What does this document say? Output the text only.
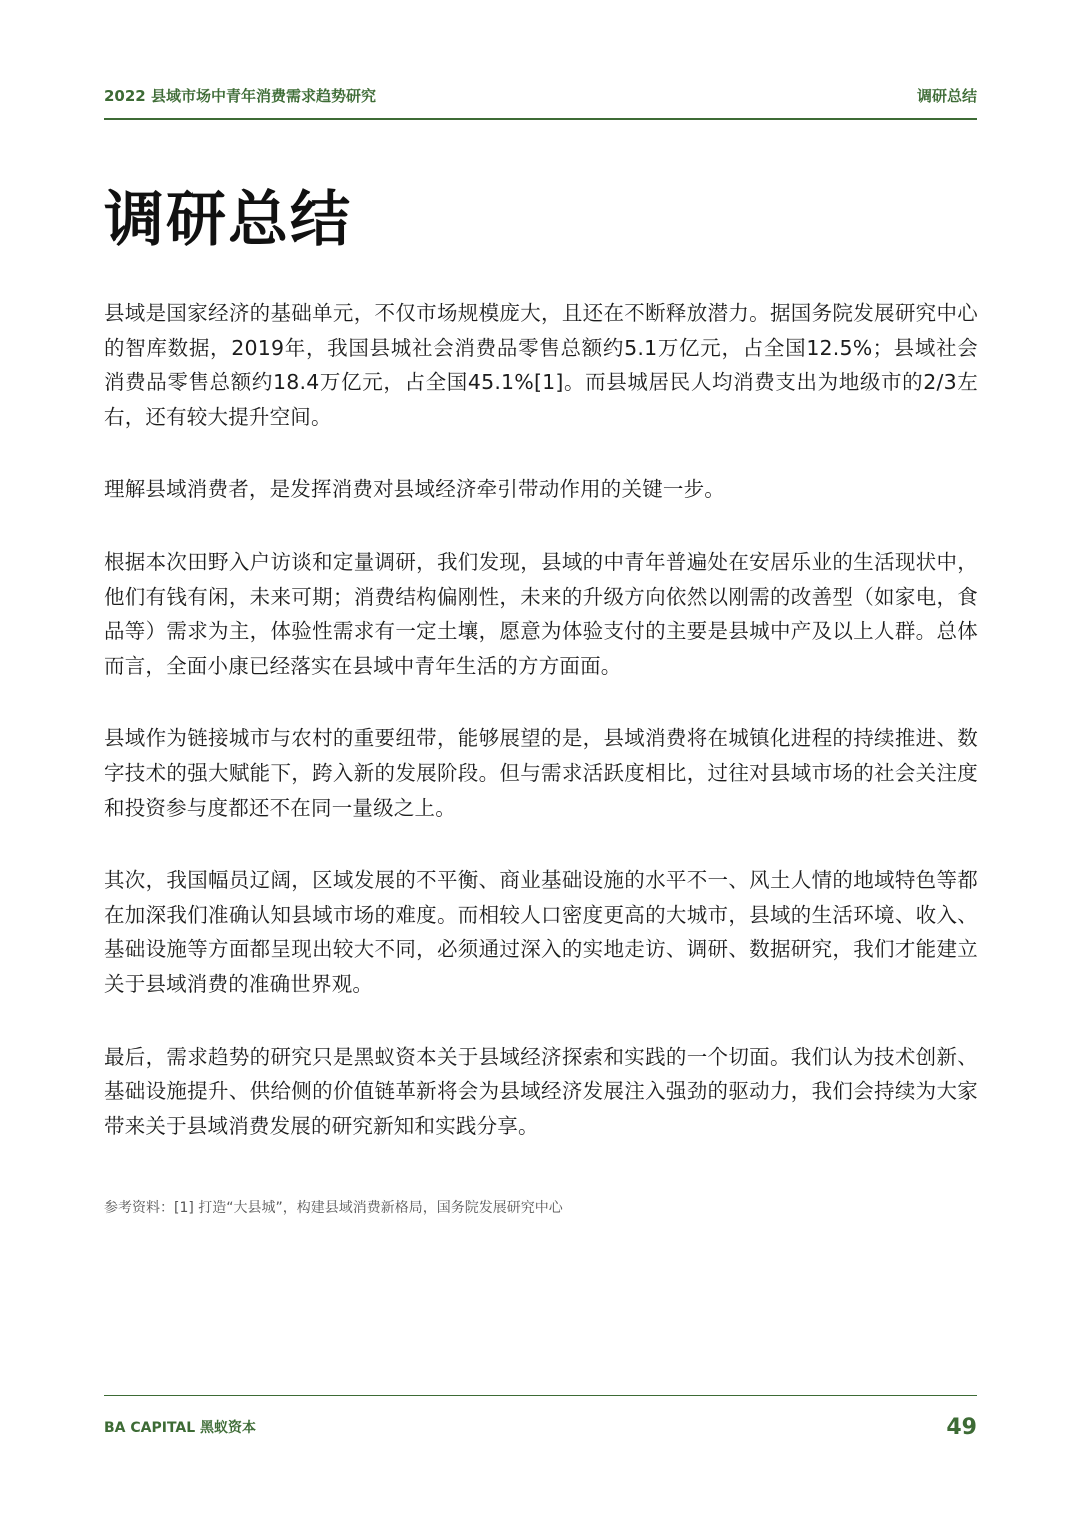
2022 县域市场中青年消费需求趋势研究	调研总结
调研总结

县域是国家经济的基础单元，不仅市场规模庞大，且还在不断释放潜力。据国务院发展研究中心的智库数据，2019年，我国县城社会消费品零售总额约5.1万亿元，占全国12.5%；县域社会消费品零售总额约18.4万亿元，占全国45.1%[1]。而县城居民人均消费支出为地级市的2/3左右，还有较大提升空间。

理解县域消费者，是发挥消费对县域经济牵引带动作用的关键一步。

根据本次田野入户访谈和定量调研，我们发现，县域的中青年普遍处在安居乐业的生活现状中，他们有钱有闲，未来可期；消费结构偏刚性，未来的升级方向依然以刚需的改善型（如家电，食品等）需求为主，体验性需求有一定土壤，愿意为体验支付的主要是县城中产及以上人群。总体而言，全面小康已经落实在县域中青年生活的方方面面。

县域作为链接城市与农村的重要纽带，能够展望的是，县域消费将在城镇化进程的持续推进、数字技术的强大赋能下，跨入新的发展阶段。但与需求活跃度相比，过往对县域市场的社会关注度和投资参与度都还不在同一量级之上。

其次，我国幅员辽阔，区域发展的不平衡、商业基础设施的水平不一、风土人情的地域特色等都在加深我们准确认知县域市场的难度。而相较人口密度更高的大城市，县域的生活环境、收入、基础设施等方面都呈现出较大不同，必须通过深入的实地走访、调研、数据研究，我们才能建立关于县域消费的准确世界观。

最后，需求趋势的研究只是黑蚁资本关于县域经济探索和实践的一个切面。我们认为技术创新、基础设施提升、供给侧的价值链革新将会为县域经济发展注入强劲的驱动力，我们会持续为大家带来关于县域消费发展的研究新知和实践分享。

参考资料：[1] 打造“大县城”，构建县域消费新格局，国务院发展研究中心
BA CAPITAL 黑蚁资本	49
